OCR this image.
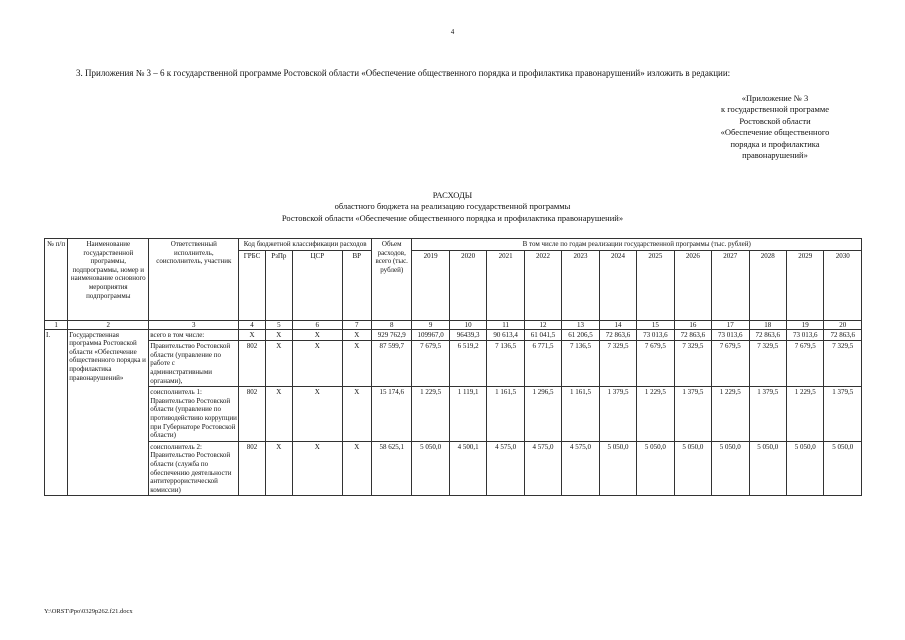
4
3. Приложения № 3 – 6 к государственной программе Ростовской области «Обеспечение общественного порядка и профилактика правонарушений» изложить в редакции:
«Приложение № 3
к государственной программе
Ростовской области
«Обеспечение общественного
порядка и профилактика
правонарушений»
РАСХОДЫ
областного бюджета на реализацию государственной программы
Ростовской области «Обеспечение общественного порядка и профилактика правонарушений»
№ п/п	Наименование государственной программы, подпрограммы, номер и наименование основного мероприятия подпрограммы	Ответственный исполнитель, соисполнитель, участник	Код бюджетной классификации расходов				Объем расходов, всего (тыс. рублей)	В том числе по годам реализации государственной программы (тыс. рублей)											
			ГРБС	РзПр	ЦСР	ВР		2019	2020	2021	2022	2023	2024	2025	2026	2027	2028	2029	2030
1	2	3	4	5	6	7	8	9	10	11	12	13	14	15	16	17	18	19	20
I.	Государственная программа Ростовской области «Обеспечение общественного порядка и профилактика правонарушений»	всего в том числе:	X	X	X	X	929 762,9	109967,0	96439,3	90 613,4	61 041,5	61 206,5	72 863,6	73 013,6	72 863,6	73 013,6	72 863,6	73 013,6	72 863,6
		Правительство Ростовской области (управление по работе с административными органами),	802	X	X	X	87 599,7	7 679,5	6 519,2	7 136,5	6 771,5	7 136,5	7 329,5	7 679,5	7 329,5	7 679,5	7 329,5	7 679,5	7 329,5
		соисполнитель 1: Правительство Ростовской области (управление по противодействию коррупции при Губернаторе Ростовской области)	802	X	X	X	15 174,6	1 229,5	1 119,1	1 161,5	1 296,5	1 161,5	1 379,5	1 229,5	1 379,5	1 229,5	1 379,5	1 229,5	1 379,5
		соисполнитель 2: Правительство Ростовской области (служба по обеспечению деятельности антитеррористической комиссии)	802	X	X	X	58 625,1	5 050,0	4 500,1	4 575,0	4 575,0	4 575,0	5 050,0	5 050,0	5 050,0	5 050,0	5 050,0	5 050,0	5 050,0
Y:\ORST\Ppo\0329p262.f21.docx
